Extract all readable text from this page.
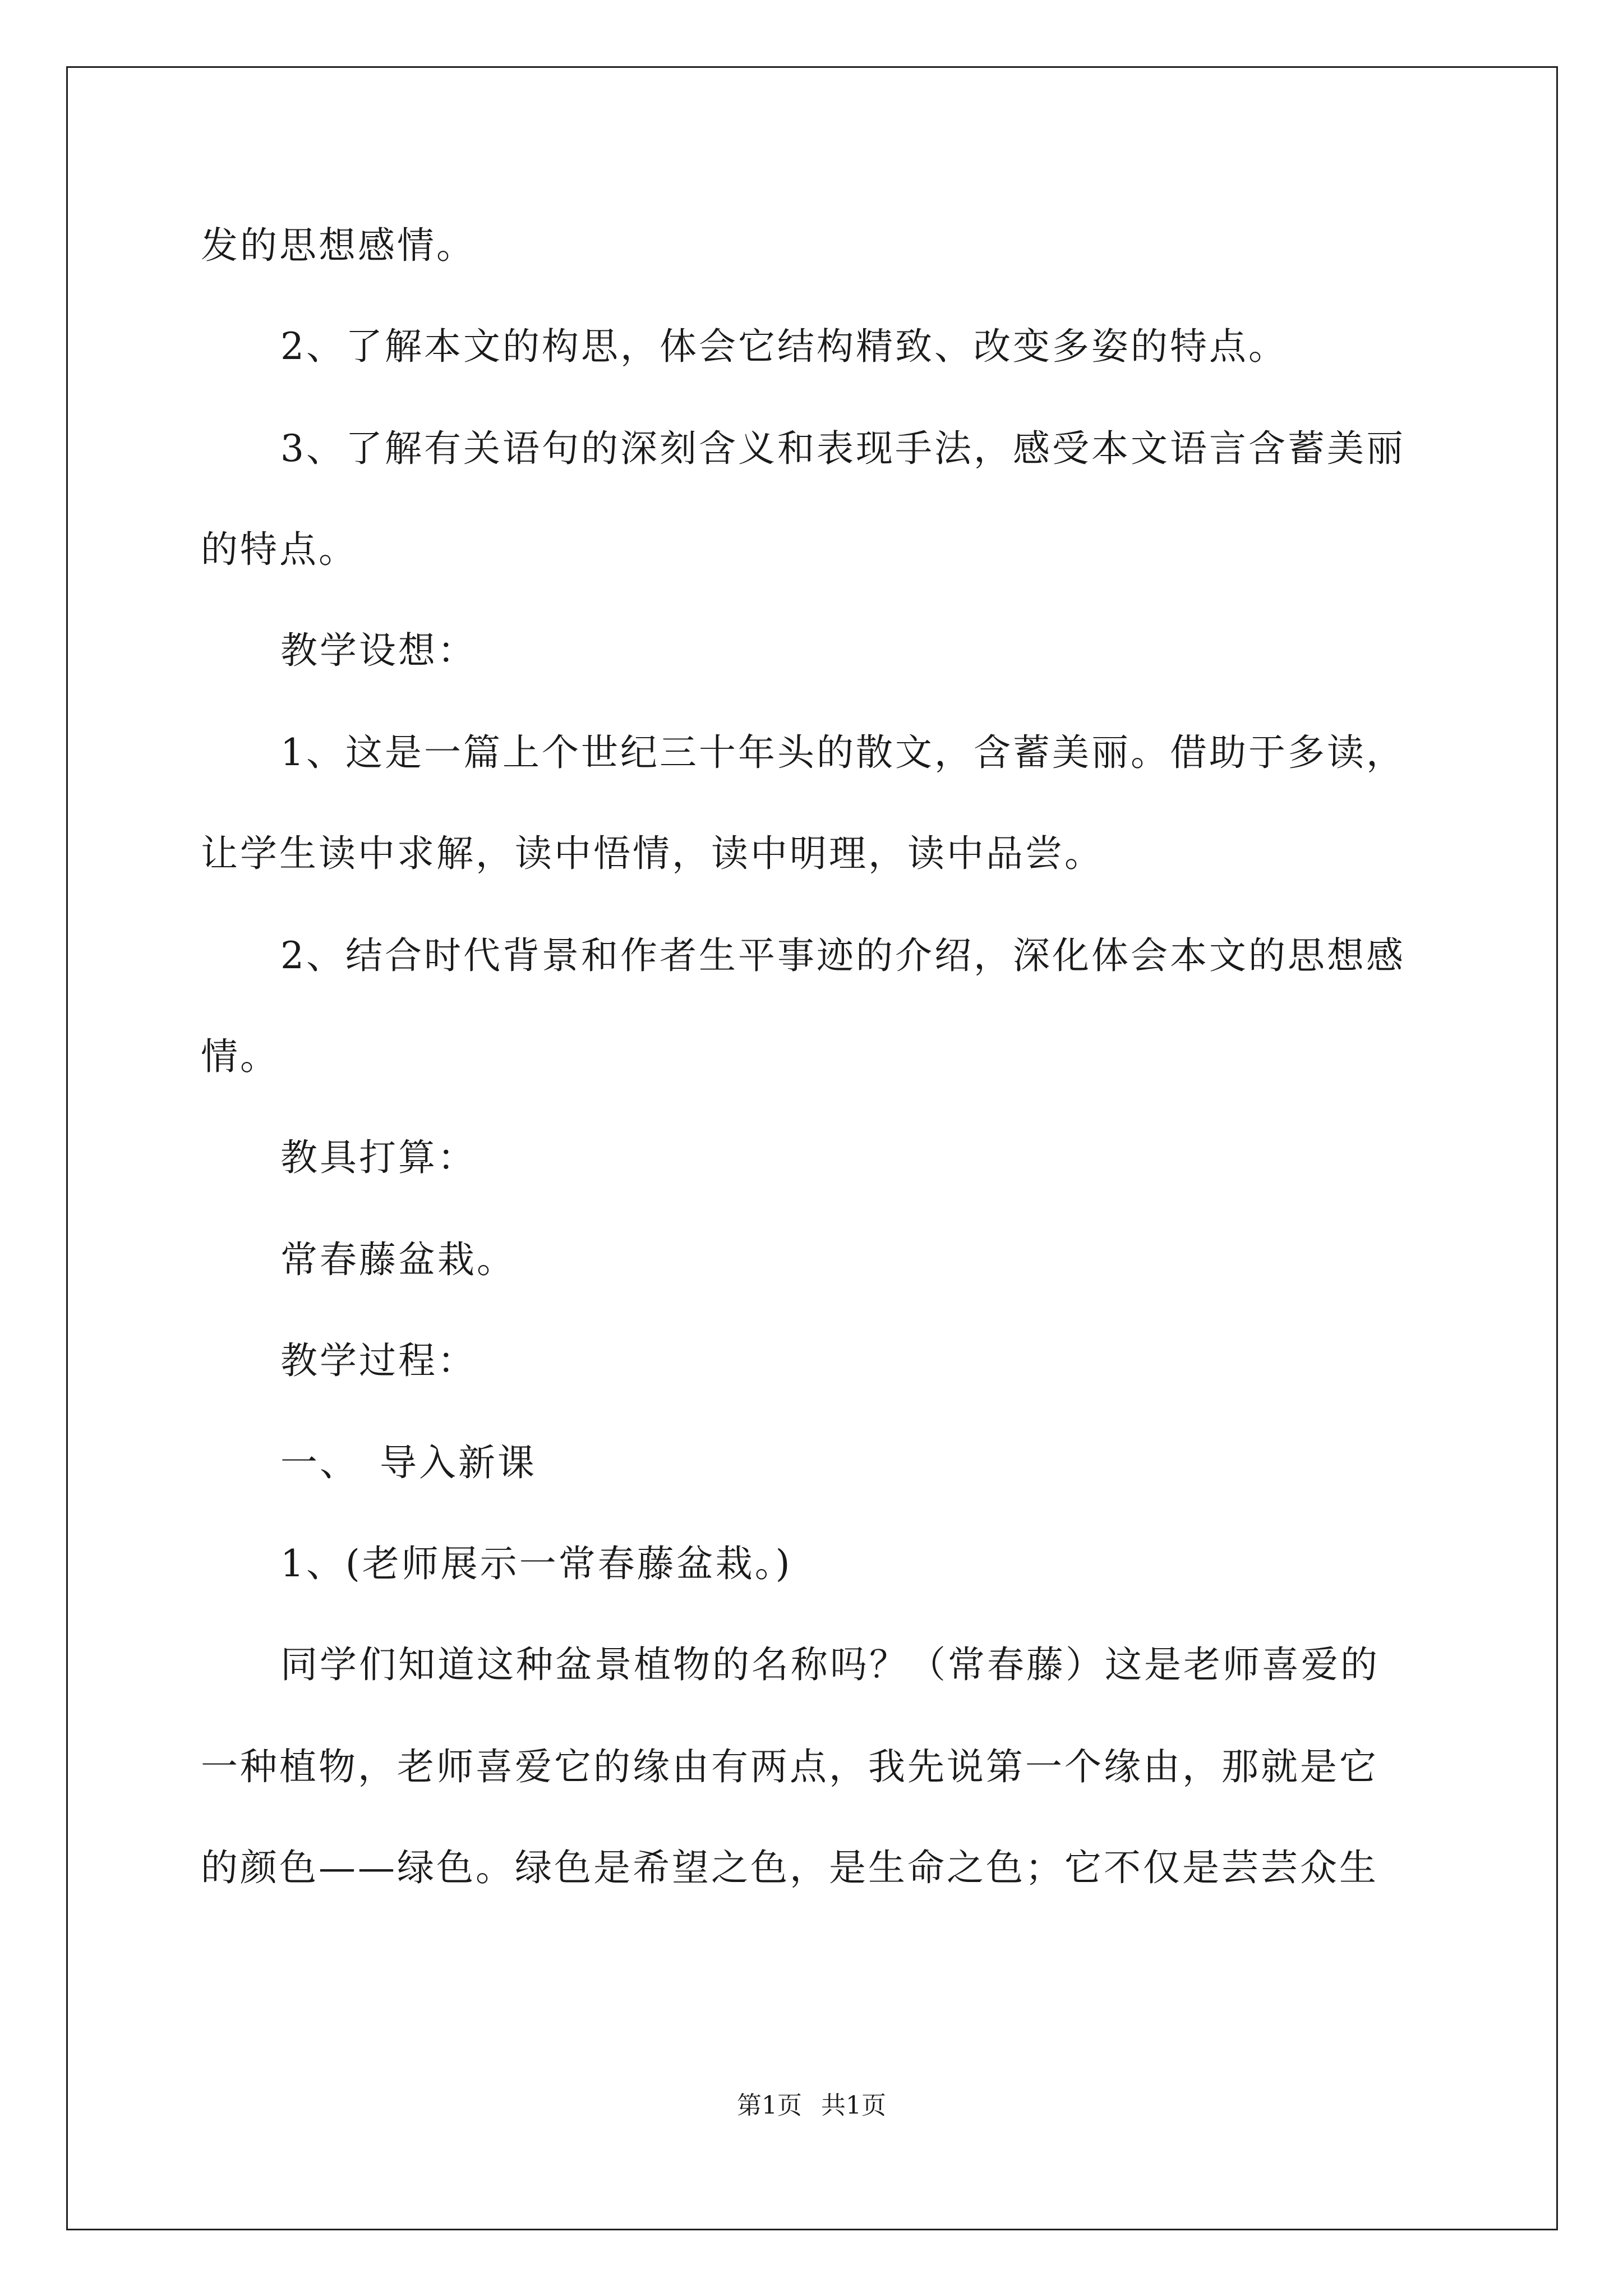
发的思想感情。
2、了解本文的构思，体会它结构精致、改变多姿的特点。
3、了解有关语句的深刻含义和表现手法，感受本文语言含蓄美丽
的特点。
教学设想：
1、这是一篇上个世纪三十年头的散文，含蓄美丽。借助于多读，
让学生读中求解，读中悟情，读中明理，读中品尝。
2、结合时代背景和作者生平事迹的介绍，深化体会本文的思想感
情。
教具打算：
常春藤盆栽。
教学过程：
一、　导入新课
1、(老师展示一常春藤盆栽。)
同学们知道这种盆景植物的名称吗？（常春藤）这是老师喜爱的
一种植物，老师喜爱它的缘由有两点，我先说第一个缘由，那就是它
的颜色——绿色。绿色是希望之色，是生命之色；它不仅是芸芸众生
第1页 共1页
